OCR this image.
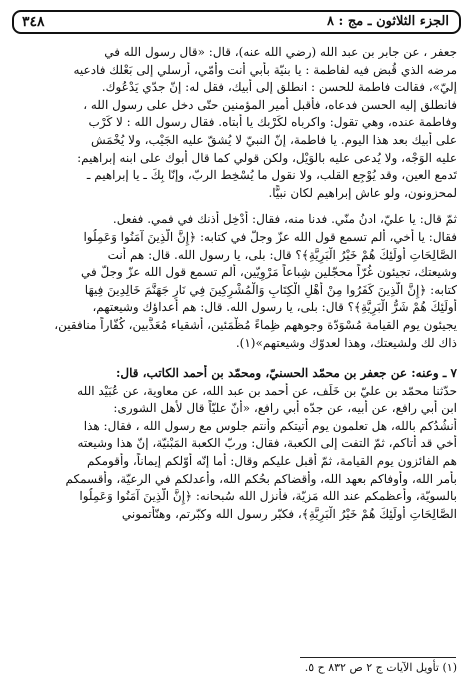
٣٤٨	الجزء الثلاثون ـ مج : ٨

جعفر ، عن جابر بن عبد الله (رضي الله عنه)، قال: «قال رسول الله في
مرضه الذي قُبض فيه لفاطمة : يا بنيّة بأبي أنت وأمّي، أرسلي إلى بَعْلك فادعيه
إليّ»، فقالت فاطمة للحسن : انطلق إلى أبيك، فقل له: إنّ جدّي يَدْعُوك.
فانطلق إليه الحسن فدعاه، فأقبل أمير المؤمنين حتّى دخل على رسول الله ،
وفاطمة عنده، وهي تقول: واكرباه لكَرْبك يا أبتاه. فقال رسول الله : لا كَرْب
على أبيك بعد هذا اليوم. يا فاطمة، إنّ النبيّ لا يُشقّ عليه الجَيْب، ولا يُخْمَش
عليه الوَجْه، ولا يُدعى عليه بالوَيْل، ولكن قولي كما قال أبوك على ابنه إبراهيم:
تَدمع العين، وقد يُوْجِع القلب، ولا نقول ما يُسْخِط الربّ، وإنّا بِكَ ـ يا إبراهيم ـ
لمحزونون، ولو عاش إبراهيم لكان نبيًّا.

ثمّ قال: يا عليّ، ادنُ منّي. فدنا منه، فقال: أَدْخِل أذنك في فمي. ففعل.
فقال: يا أخي، ألم تسمع قول الله عزّ وجلّ في كتابه: ﴿إِنَّ الَّذِينَ آمَنُوا وَعَمِلُوا
الصَّالِحَاتِ أُولَئِكَ هُمْ خَيْرُ الْبَرِيَّةِ﴾؟ قال: بلى، يا رسول الله. قال: هم أنت
وشيعتك، تجيئون غُرّاً محجّلين شِباعاً مَرْوِيّين، ألم تسمع قول الله عزّ وجلّ في
كتابه: ﴿إِنَّ الَّذِينَ كَفَرُوا مِنْ أَهْلِ الْكِتَابِ وَالْمُشْرِكِينَ فِي نَارِ جَهَنَّمَ خَالِدِينَ فِيهَا
أُولَئِكَ هُمْ شَرُّ الْبَرِيَّةِ﴾؟ قال: بلى، يا رسول الله. قال: هم أعداؤك وشيعتهم،
يجيئون يوم القيامة مُسْوَدّة وجوههم ظِماءً مُظْمَئين، أشقياء مُعَذَّبين، كُفّاراً منافقين،
ذاك لك ولشيعتك، وهذا لعدوّك وشيعتهم»(١).

٧ ـ وعنه: عن جعفر بن محمّد الحسنيّ، ومحمّد بن أحمد الكاتب، قال:
حدّثنا محمّد بن عليّ بن خَلَف، عن أحمد بن عبد الله، عن معاوية، عن عُبَيْد الله
ابن أبي رافع، عن أبيه، عن جدّه أبي رافع، «أنّ عليّاً قال لأهل الشورى:
أنشُدُكم بالله، هل تعلمون يوم أتيتكم وأنتم جلوس مع رسول الله ، فقال: هذا
أخي قد أتاكم، ثمّ التفت إلى الكعبة، فقال: وربّ الكعبة المَبْنيّة، إنّ هذا وشيعته
هم الفائزون يوم القيامة، ثمّ أقبل عليكم وقال: أما إنّه أوّلكم إيماناً، وأقومكم
بأمر الله، وأوفاكم بعهد الله، وأقضاكم بحُكم الله، وأعدلكم في الرعيّة، وأقسمكم
بالسويّة، وأعظمكم عند الله مَزيّة، فأنزل الله سُبحانه: ﴿إِنَّ الَّذِينَ آمَنُوا وَعَمِلُوا
الصَّالِحَاتِ أُولَئِكَ هُمْ خَيْرُ الْبَرِيَّةِ﴾، فكبّر رسول الله وكبّرتم، وهنّأتموني

(١) تأويل الآيات ج ٢ ص ٨٣٢ ح ٥.
